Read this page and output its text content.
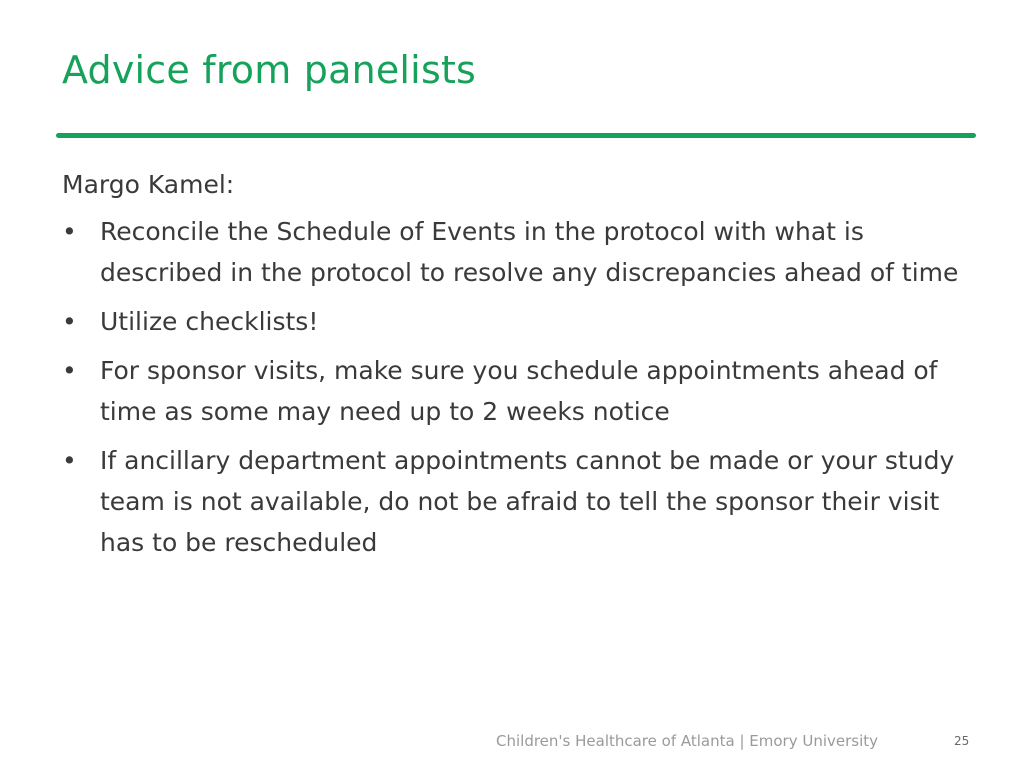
Advice from panelists
Margo Kamel:
• Reconcile the Schedule of Events in the protocol with what is described in the protocol to resolve any discrepancies ahead of time
• Utilize checklists!
• For sponsor visits, make sure you schedule appointments ahead of time as some may need up to 2 weeks notice
• If ancillary department appointments cannot be made or your study team is not available, do not be afraid to tell the sponsor their visit has to be rescheduled
Children's Healthcare of Atlanta | Emory University	25
